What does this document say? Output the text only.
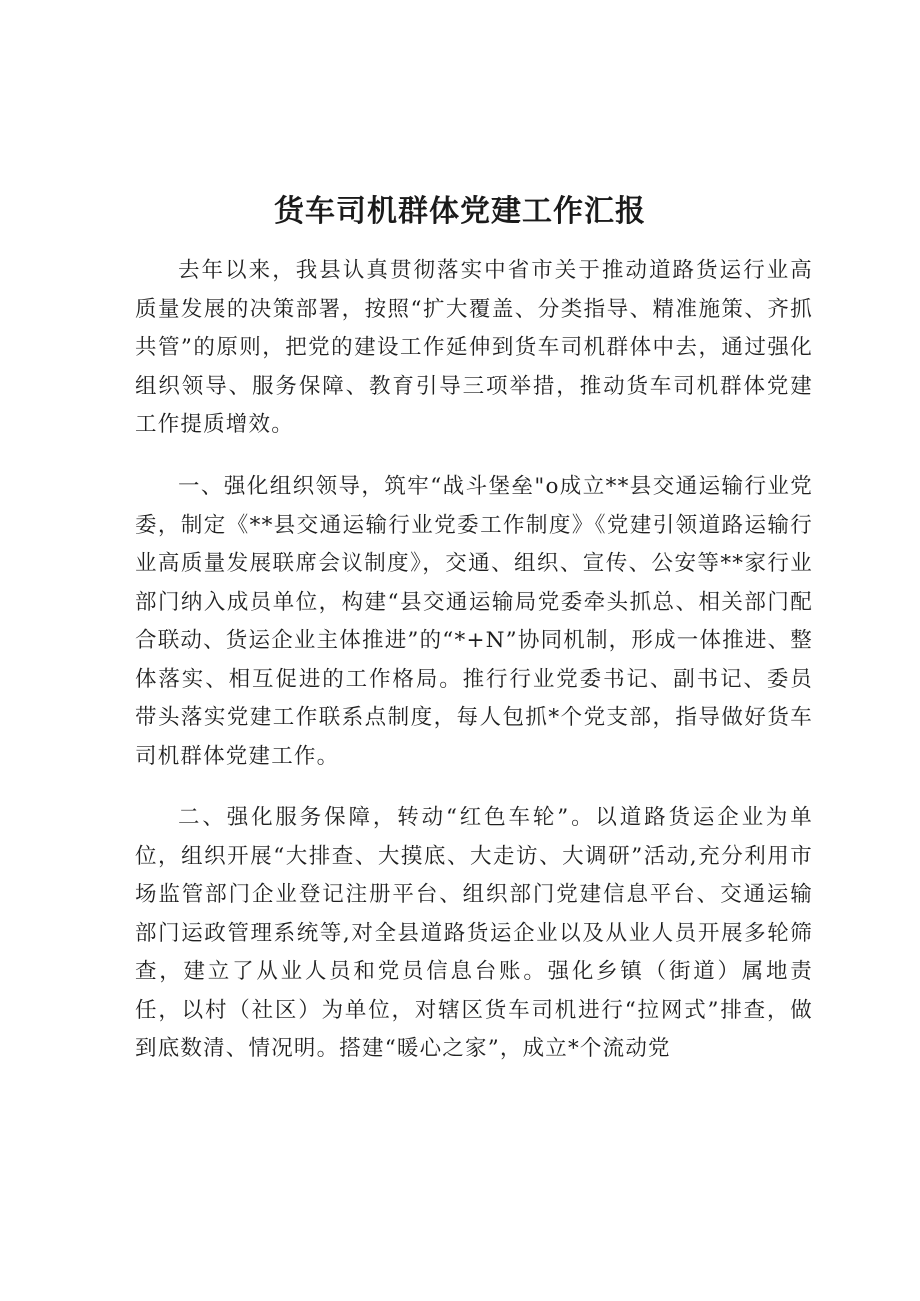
货车司机群体党建工作汇报

去年以来，我县认真贯彻落实中省市关于推动道路货运行业高质量发展的决策部署，按照“扩大覆盖、分类指导、精准施策、齐抓共管”的原则，把党的建设工作延伸到货车司机群体中去，通过强化组织领导、服务保障、教育引导三项举措，推动货车司机群体党建工作提质增效。

一、强化组织领导，筑牢“战斗堡垒"o成立**县交通运输行业党委，制定《**县交通运输行业党委工作制度》《党建引领道路运输行业高质量发展联席会议制度》，交通、组织、宣传、公安等**家行业部门纳入成员单位，构建“县交通运输局党委牵头抓总、相关部门配合联动、货运企业主体推进”的“*+N”协同机制，形成一体推进、整体落实、相互促进的工作格局。推行行业党委书记、副书记、委员带头落实党建工作联系点制度，每人包抓*个党支部，指导做好货车司机群体党建工作。

二、强化服务保障，转动“红色车轮”。以道路货运企业为单位，组织开展“大排查、大摸底、大走访、大调研”活动,充分利用市场监管部门企业登记注册平台、组织部门党建信息平台、交通运输部门运政管理系统等,对全县道路货运企业以及从业人员开展多轮筛查，建立了从业人员和党员信息台账。强化乡镇（街道）属地责任，以村（社区）为单位，对辖区货车司机进行“拉网式”排查，做到底数清、情况明。搭建“暖心之家”，成立*个流动党
